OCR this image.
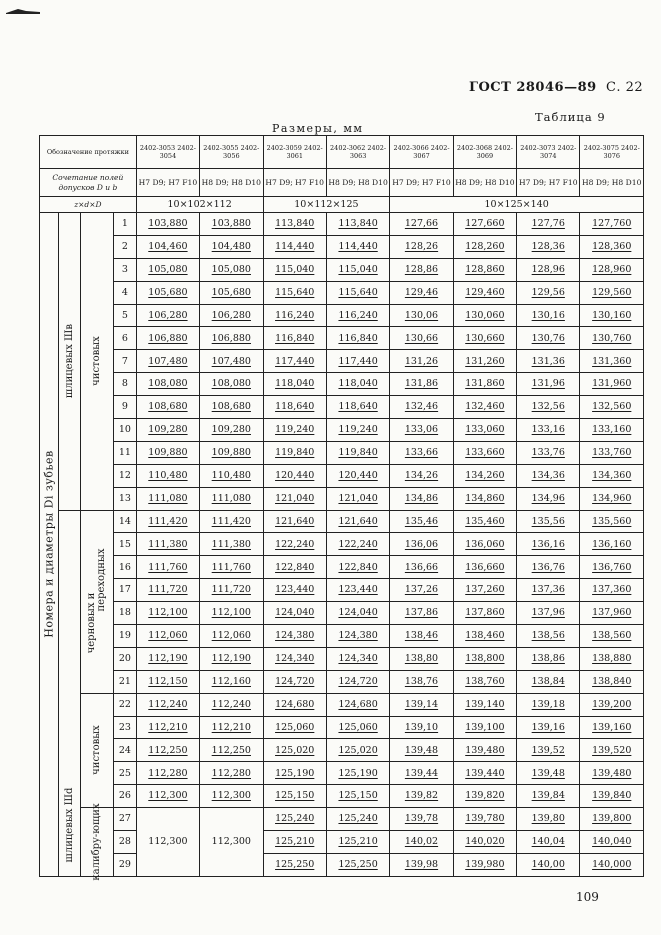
ГОСТ 28046—89 С. 22
Таблица 9
Размеры, мм
Обозначение протяжки				2402-3053 2402-3054	2402-3055 2402-3056	2402-3059 2402-3061	2402-3062 2402-3063	2402-3066 2402-3067	2402-3068 2402-3069	2402-3073 2402-3074	2402-3075 2402-3076
Сочетание полей допусков D и b				H7 D9; H7 F10	H8 D9; H8 D10	H7 D9; H7 F10	H8 D9; H8 D10	H7 D9; H7 F10	H8 D9; H8 D10	H7 D9; H7 F10	H8 D9; H8 D10
z×d×D				10×102×112		10×112×125		10×125×140			

Номера и диаметры Di зубьев	шлицевых Шв	чистовых	1	103,880	103,880	113,840	113,840	127,66	127,660	127,76	127,760
			2	104,460	104,480	114,440	114,440	128,26	128,260	128,36	128,360
			3	105,080	105,080	115,040	115,040	128,86	128,860	128,96	128,960
			4	105,680	105,680	115,640	115,640	129,46	129,460	129,56	129,560
			5	106,280	106,280	116,240	116,240	130,06	130,060	130,16	130,160
			6	106,880	106,880	116,840	116,840	130,66	130,660	130,76	130,760
			7	107,480	107,480	117,440	117,440	131,26	131,260	131,36	131,360
			8	108,080	108,080	118,040	118,040	131,86	131,860	131,96	131,960
			9	108,680	108,680	118,640	118,640	132,46	132,460	132,56	132,560
			10	109,280	109,280	119,240	119,240	133,06	133,060	133,16	133,160
			11	109,880	109,880	119,840	119,840	133,66	133,660	133,76	133,760
			12	110,480	110,480	120,440	120,440	134,26	134,260	134,36	134,360
			13	111,080	111,080	121,040	121,040	134,86	134,860	134,96	134,960

	шлицевых Шd	черновых и
переходных	14	111,420	111,420	121,640	121,640	135,46	135,460	135,56	135,560
			15	111,380	111,380	122,240	122,240	136,06	136,060	136,16	136,160
			16	111,760	111,760	122,840	122,840	136,66	136,660	136,76	136,760
			17	111,720	111,720	123,440	123,440	137,26	137,260	137,36	137,360
			18	112,100	112,100	124,040	124,040	137,86	137,860	137,96	137,960
			19	112,060	112,060	124,380	124,380	138,46	138,460	138,56	138,560
			20	112,190	112,190	124,340	124,340	138,80	138,800	138,86	138,880
			21	112,150	112,160	124,720	124,720	138,76	138,760	138,84	138,840

		чистовых	22	112,240	112,240	124,680	124,680	139,14	139,140	139,18	139,200
			23	112,210	112,210	125,060	125,060	139,10	139,100	139,16	139,160
			24	112,250	112,250	125,020	125,020	139,48	139,480	139,52	139,520
			25	112,280	112,280	125,190	125,190	139,44	139,440	139,48	139,480
			26	112,300	112,300	125,150	125,150	139,82	139,820	139,84	139,840

		калибру-ющих	27	112,300	112,300	125,240	125,240	139,78	139,780	139,80	139,800
			28			125,210	125,210	140,02	140,020	140,04	140,040
			29			125,250	125,250	139,98	139,980	140,00	140,000
109
